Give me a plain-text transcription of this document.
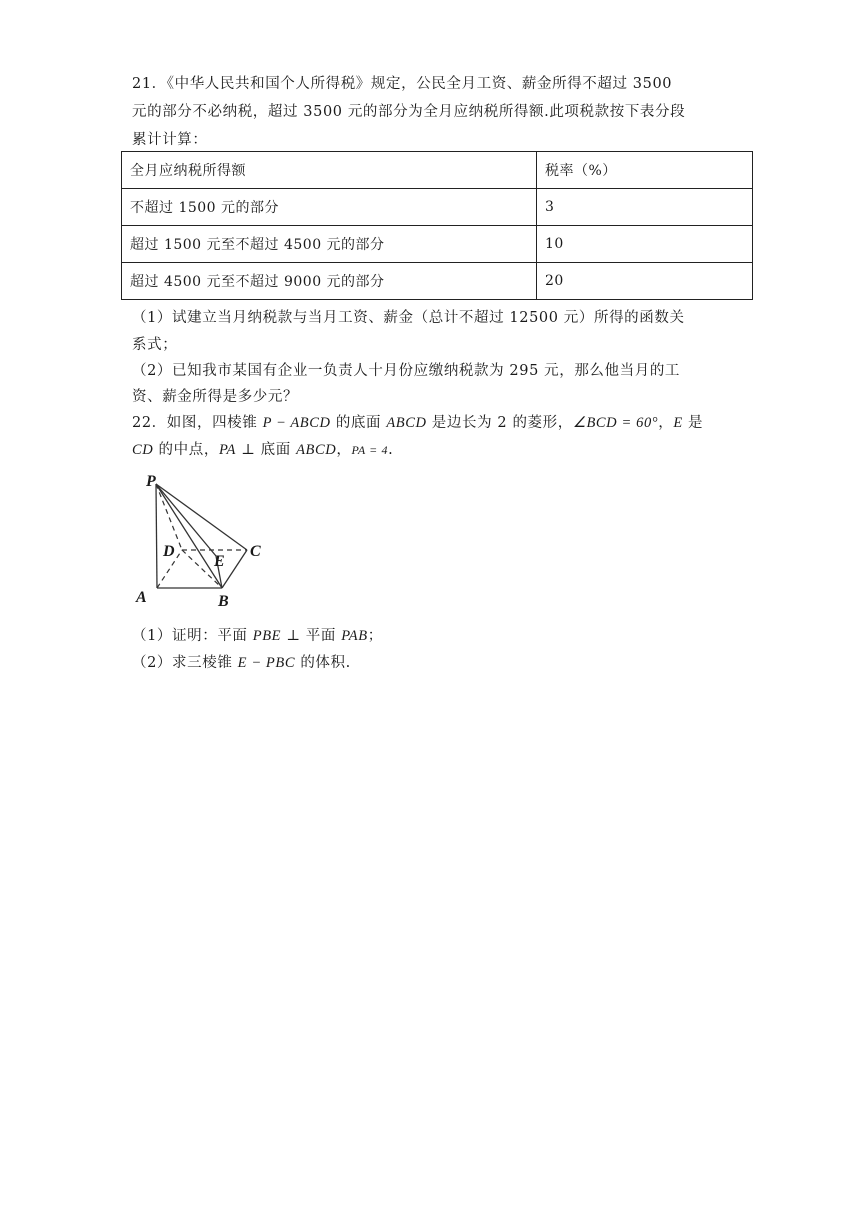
21．《中华人民共和国个人所得税》规定，公民全月工资、薪金所得不超过 3500
元的部分不必纳税，超过 3500 元的部分为全月应纳税所得额.此项税款按下表分段
累计计算：
全月应纳税所得额	税率（%）
不超过 1500 元的部分	3
超过 1500 元至不超过 4500 元的部分	10
超过 4500 元至不超过 9000 元的部分	20
（1）试建立当月纳税款与当月工资、薪金（总计不超过 12500 元）所得的函数关
系式；
（2）已知我市某国有企业一负责人十月份应缴纳税款为 295 元，那么他当月的工
资、薪金所得是多少元？
22．如图，四棱锥 P − ABCD 的底面 ABCD 是边长为 2 的菱形，∠BCD = 60°，E 是
CD 的中点，PA ⊥ 底面 ABCD，PA = 4.
P
D
E
C
A	B
（1）证明：平面 PBE ⊥ 平面 PAB；
（2）求三棱锥 E − PBC 的体积.
